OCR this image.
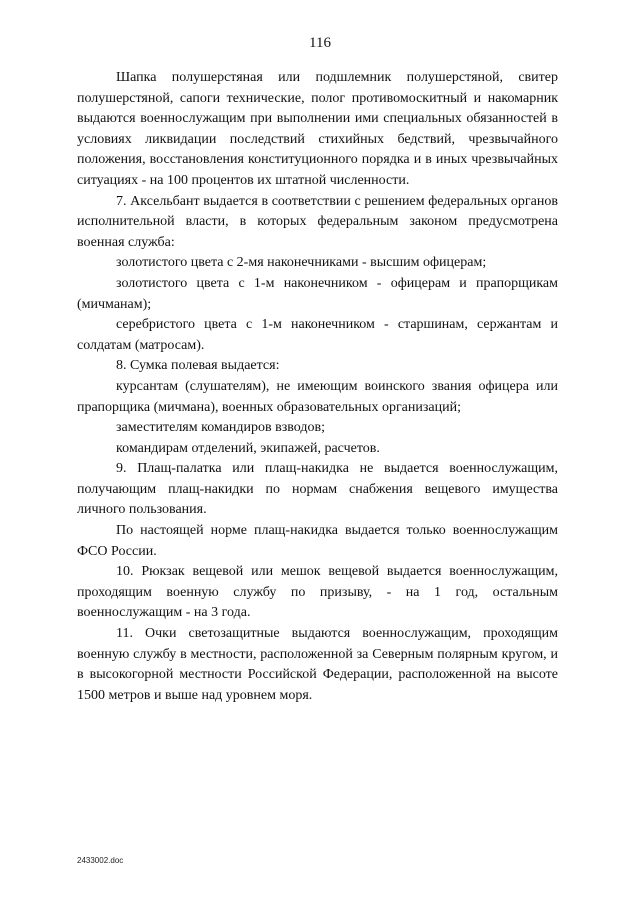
116

Шапка полушерстяная или подшлемник полушерстяной, свитер полушерстяной, сапоги технические, полог противомоскитный и накомарник выдаются военнослужащим при выполнении ими специальных обязанностей в условиях ликвидации последствий стихийных бедствий, чрезвычайного положения, восстановления конституционного порядка и в иных чрезвычайных ситуациях - на 100 процентов их штатной численности.

7. Аксельбант выдается в соответствии с решением федеральных органов исполнительной власти, в которых федеральным законом предусмотрена военная служба:

золотистого цвета с 2-мя наконечниками - высшим офицерам;

золотистого цвета с 1-м наконечником - офицерам и прапорщикам (мичманам);

серебристого цвета с 1-м наконечником - старшинам, сержантам и солдатам (матросам).

8. Сумка полевая выдается:

курсантам (слушателям), не имеющим воинского звания офицера или прапорщика (мичмана), военных образовательных организаций;

заместителям командиров взводов;

командирам отделений, экипажей, расчетов.

9. Плащ-палатка или плащ-накидка не выдается военнослужащим, получающим плащ-накидки по нормам снабжения вещевого имущества личного пользования.

По настоящей норме плащ-накидка выдается только военнослужащим ФСО России.

10. Рюкзак вещевой или мешок вещевой выдается военнослужащим, проходящим военную службу по призыву, - на 1 год, остальным военнослужащим - на 3 года.

11. Очки светозащитные выдаются военнослужащим, проходящим военную службу в местности, расположенной за Северным полярным кругом, и в высокогорной местности Российской Федерации, расположенной на высоте 1500 метров и выше над уровнем моря.

2433002.doc
